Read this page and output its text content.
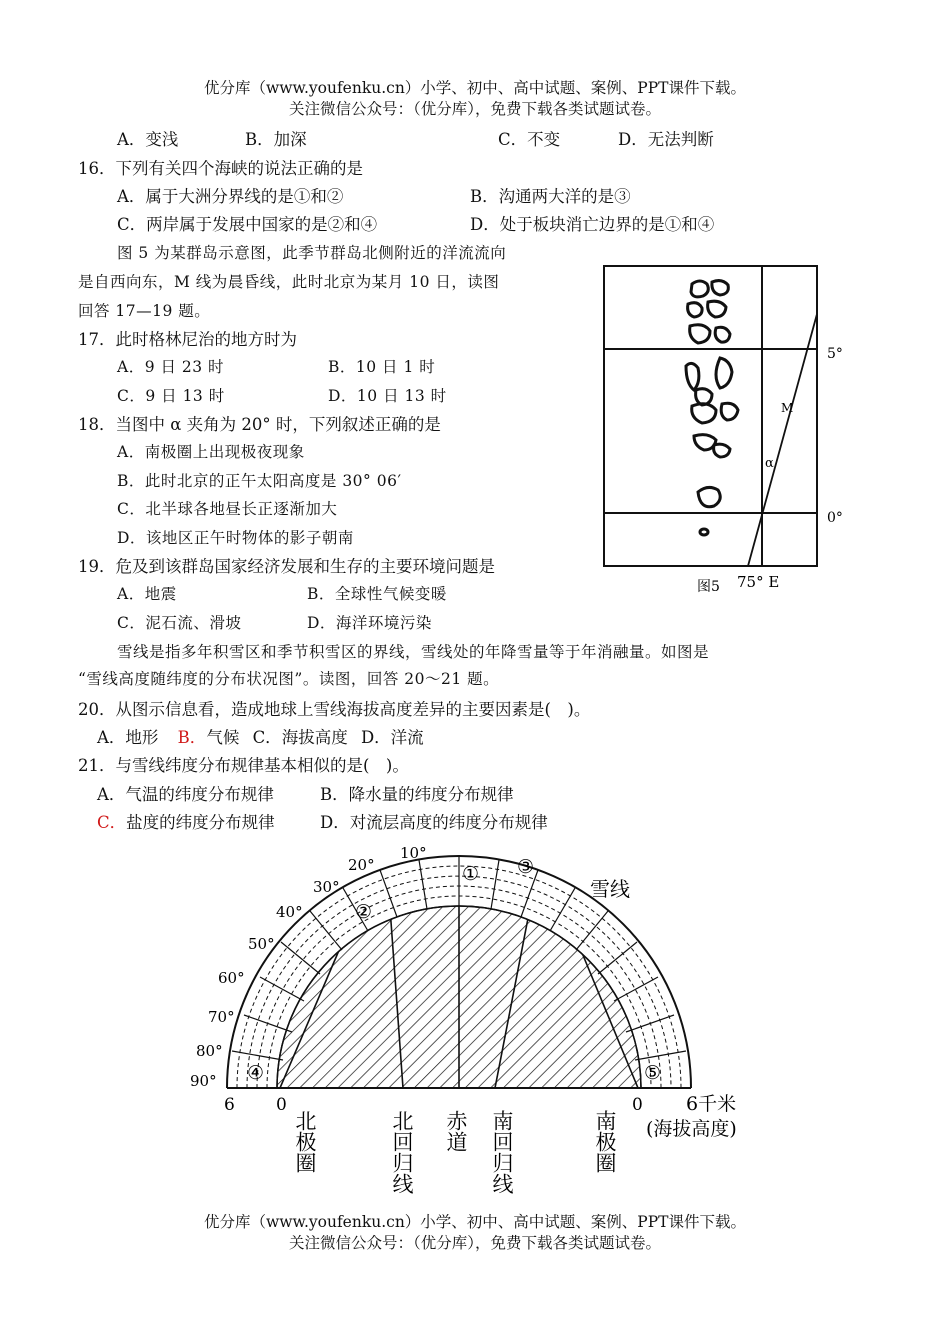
优分库（www.youfenku.cn）小学、初中、高中试题、案例、PPT课件下载。
关注微信公众号：（优分库），免费下载各类试题试卷。
A．变浅	B．加深	C．不变	D．无法判断
16．下列有关四个海峡的说法正确的是
A．属于大洲分界线的是①和②	B．沟通两大洋的是③
C．两岸属于发展中国家的是②和④	D．处于板块消亡边界的是①和④
图 5 为某群岛示意图，此季节群岛北侧附近的洋流流向
是自西向东，M 线为晨昏线，此时北京为某月 10 日，读图
回答 17—19 题。
17．此时格林尼治的地方时为
A．9 日 23 时	B．10 日 1 时
C．9 日 13 时	D．10 日 13 时
18．当图中 α 夹角为 20° 时，下列叙述正确的是
A．南极圈上出现极夜现象
B．此时北京的正午太阳高度是 30° 06′
C．北半球各地昼长正逐渐加大
D．该地区正午时物体的影子朝南
19．危及到该群岛国家经济发展和生存的主要环境问题是
A．地震	B．全球性气候变暖
C．泥石流、滑坡	D．海洋环境污染
5°
0°
75° E
图5
M
α
雪线是指多年积雪区和季节积雪区的界线，雪线处的年降雪量等于年消融量。如图是
“雪线高度随纬度的分布状况图”。读图，回答 20～21 题。
20．从图示信息看，造成地球上雪线海拔高度差异的主要因素是(　)。
A．地形 B．气候 C．海拔高度 D．洋流
21．与雪线纬度分布规律基本相似的是(　)。
A．气温的纬度分布规律	B．降水量的纬度分布规律
C．盐度的纬度分布规律	D．对流层高度的纬度分布规律
10°
20°
30°
40°
50°
60°
70°
80°
90°
①
②
③
④	⑤
雪线
6 0	0 6千米
(海拔高度)
北极圈	北回归线 赤道 南回归线	南极圈
优分库（www.youfenku.cn）小学、初中、高中试题、案例、PPT课件下载。
关注微信公众号：（优分库），免费下载各类试题试卷。
